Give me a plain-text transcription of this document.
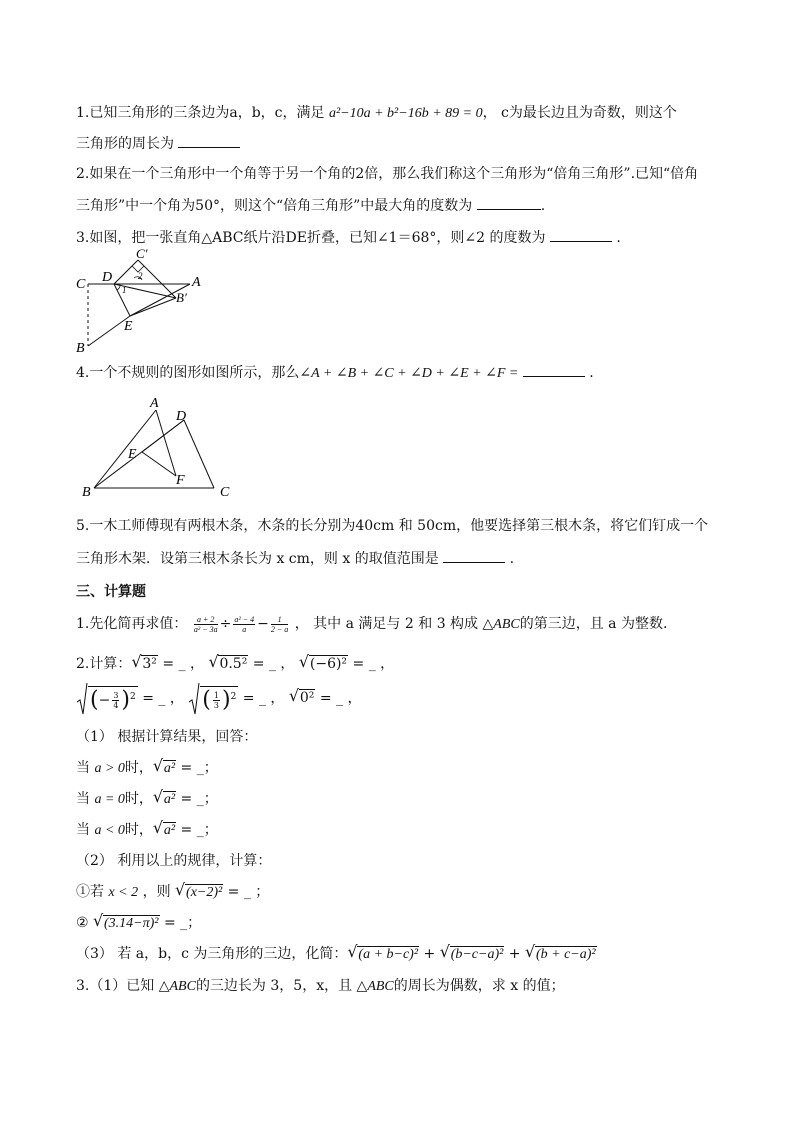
1.已知三角形的三条边为a，b，c，满足 a²−10a + b²−16b + 89 = 0， c为最长边且为奇数，则这个
三角形的周长为
2.如果在一个三角形中一个角等于另一个角的2倍，那么我们称这个三角形为“倍角三角形”.已知“倍角
三角形”中一个角为50°，则这个“倍角三角形”中最大角的度数为	.
3.如图，把一张直角△ABC纸片沿DE折叠，已知∠1＝68°，则∠2 的度数为	.
C
C′
D	A
B′
E
B
1
2
4.一个不规则的图形如图所示，那么∠A + ∠B + ∠C + ∠D + ∠E + ∠F =	.
A
D
E
F
B	C
5.一木工师傅现有两根木条，木条的长分别为40cm 和 50cm，他要选择第三根木条，将它们钉成一个
三角形木架．设第三根木条长为 x cm，则 x 的取值范围是	.
三、计算题
1.先化简再求值： $\frac{a + 2}{\text{a² − 3a}} \div \frac{\text{a² − 4}}{a} - \frac{1}{2 - a}$ ， 其中 a 满足与 2 和 3 构成 △ABC的第三边，且 a 为整数.
2.计算： √ 3² = _ ， √ 0.5² = _ ， √ (−6)² = _ ，
(− $\frac{3}{4} )^2$ = _ ， ( $\frac{1}{3} )^2$ = _ ， √ 0² = _ ，
（1） 根据计算结果，回答：
当 a > 0时， √ a² = _；
当 a = 0时， √ a² = _；
当 a < 0时， √ a² = _；
（2） 利用以上的规律，计算：
①若 x < 2 ，则 √ (x−2)² = _ ；
② √ (3.14−π)² = _；
（3） 若 a，b，c 为三角形的三边，化简： √ (a + b−c)² + √ (b−c−a)² + √ (b + c−a)²
3.（1）已知 △ABC的三边长为 3，5，x，且 △ABC的周长为偶数，求 x 的值；
